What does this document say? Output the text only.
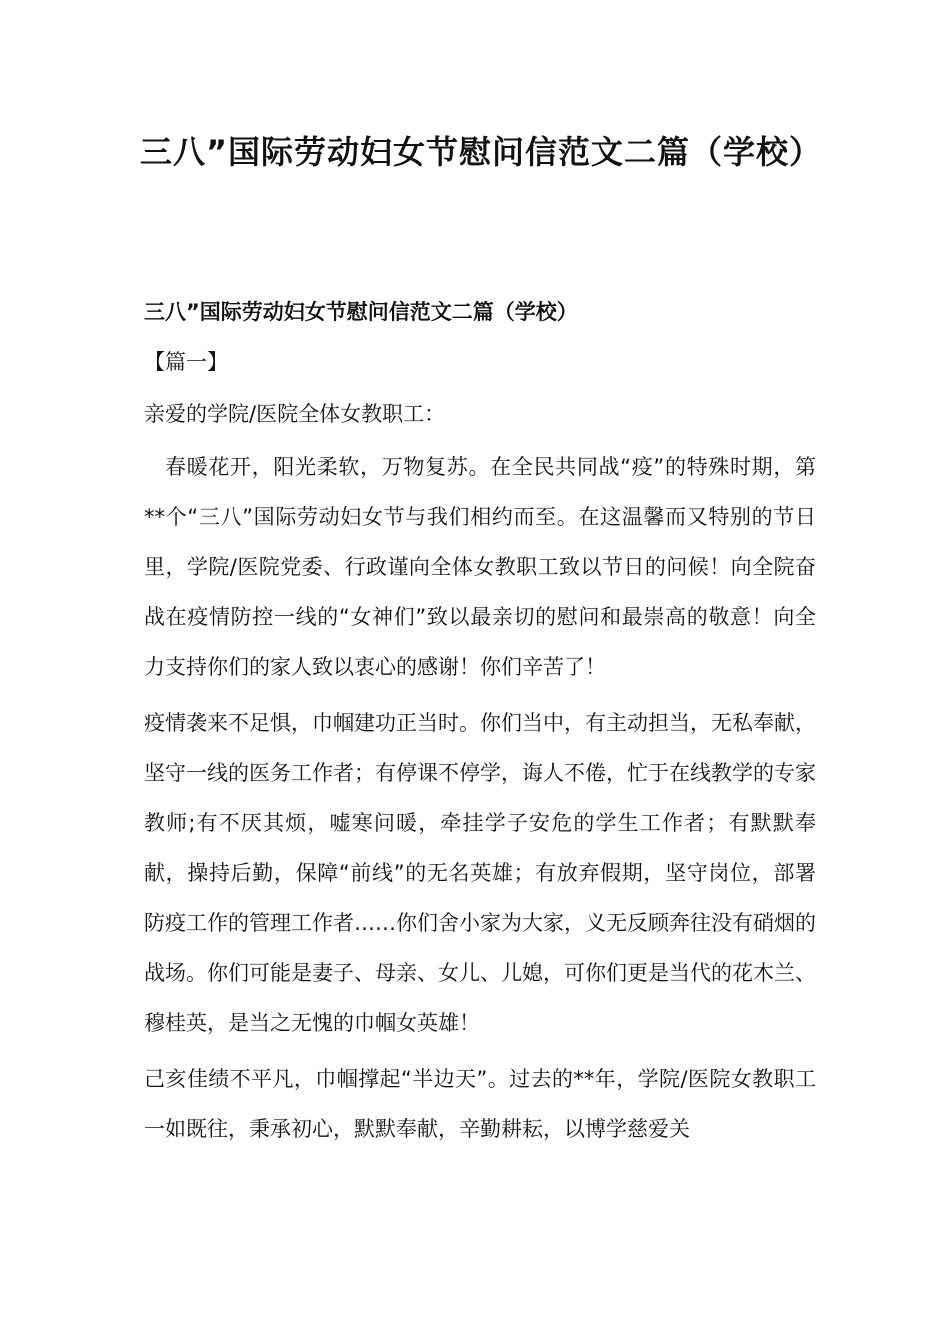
三八”国际劳动妇女节慰问信范文二篇（学校）

三八”国际劳动妇女节慰问信范文二篇（学校）

【篇一】

亲爱的学院/医院全体女教职工：

春暖花开，阳光柔软，万物复苏。在全民共同战“疫”的特殊时期，第**个“三八”国际劳动妇女节与我们相约而至。在这温馨而又特别的节日里，学院/医院党委、行政谨向全体女教职工致以节日的问候！向全院奋战在疫情防控一线的“女神们”致以最亲切的慰问和最崇高的敬意！向全力支持你们的家人致以衷心的感谢！你们辛苦了！

疫情袭来不足惧，巾帼建功正当时。你们当中，有主动担当，无私奉献，坚守一线的医务工作者；有停课不停学，诲人不倦，忙于在线教学的专家教师;有不厌其烦，嘘寒问暖，牵挂学子安危的学生工作者；有默默奉献，操持后勤，保障“前线”的无名英雄；有放弃假期，坚守岗位，部署防疫工作的管理工作者……你们舍小家为大家，义无反顾奔往没有硝烟的战场。你们可能是妻子、母亲、女儿、儿媳，可你们更是当代的花木兰、穆桂英，是当之无愧的巾帼女英雄！

己亥佳绩不平凡，巾帼撑起“半边天”。过去的**年，学院/医院女教职工一如既往，秉承初心，默默奉献，辛勤耕耘，以博学慈爱关
